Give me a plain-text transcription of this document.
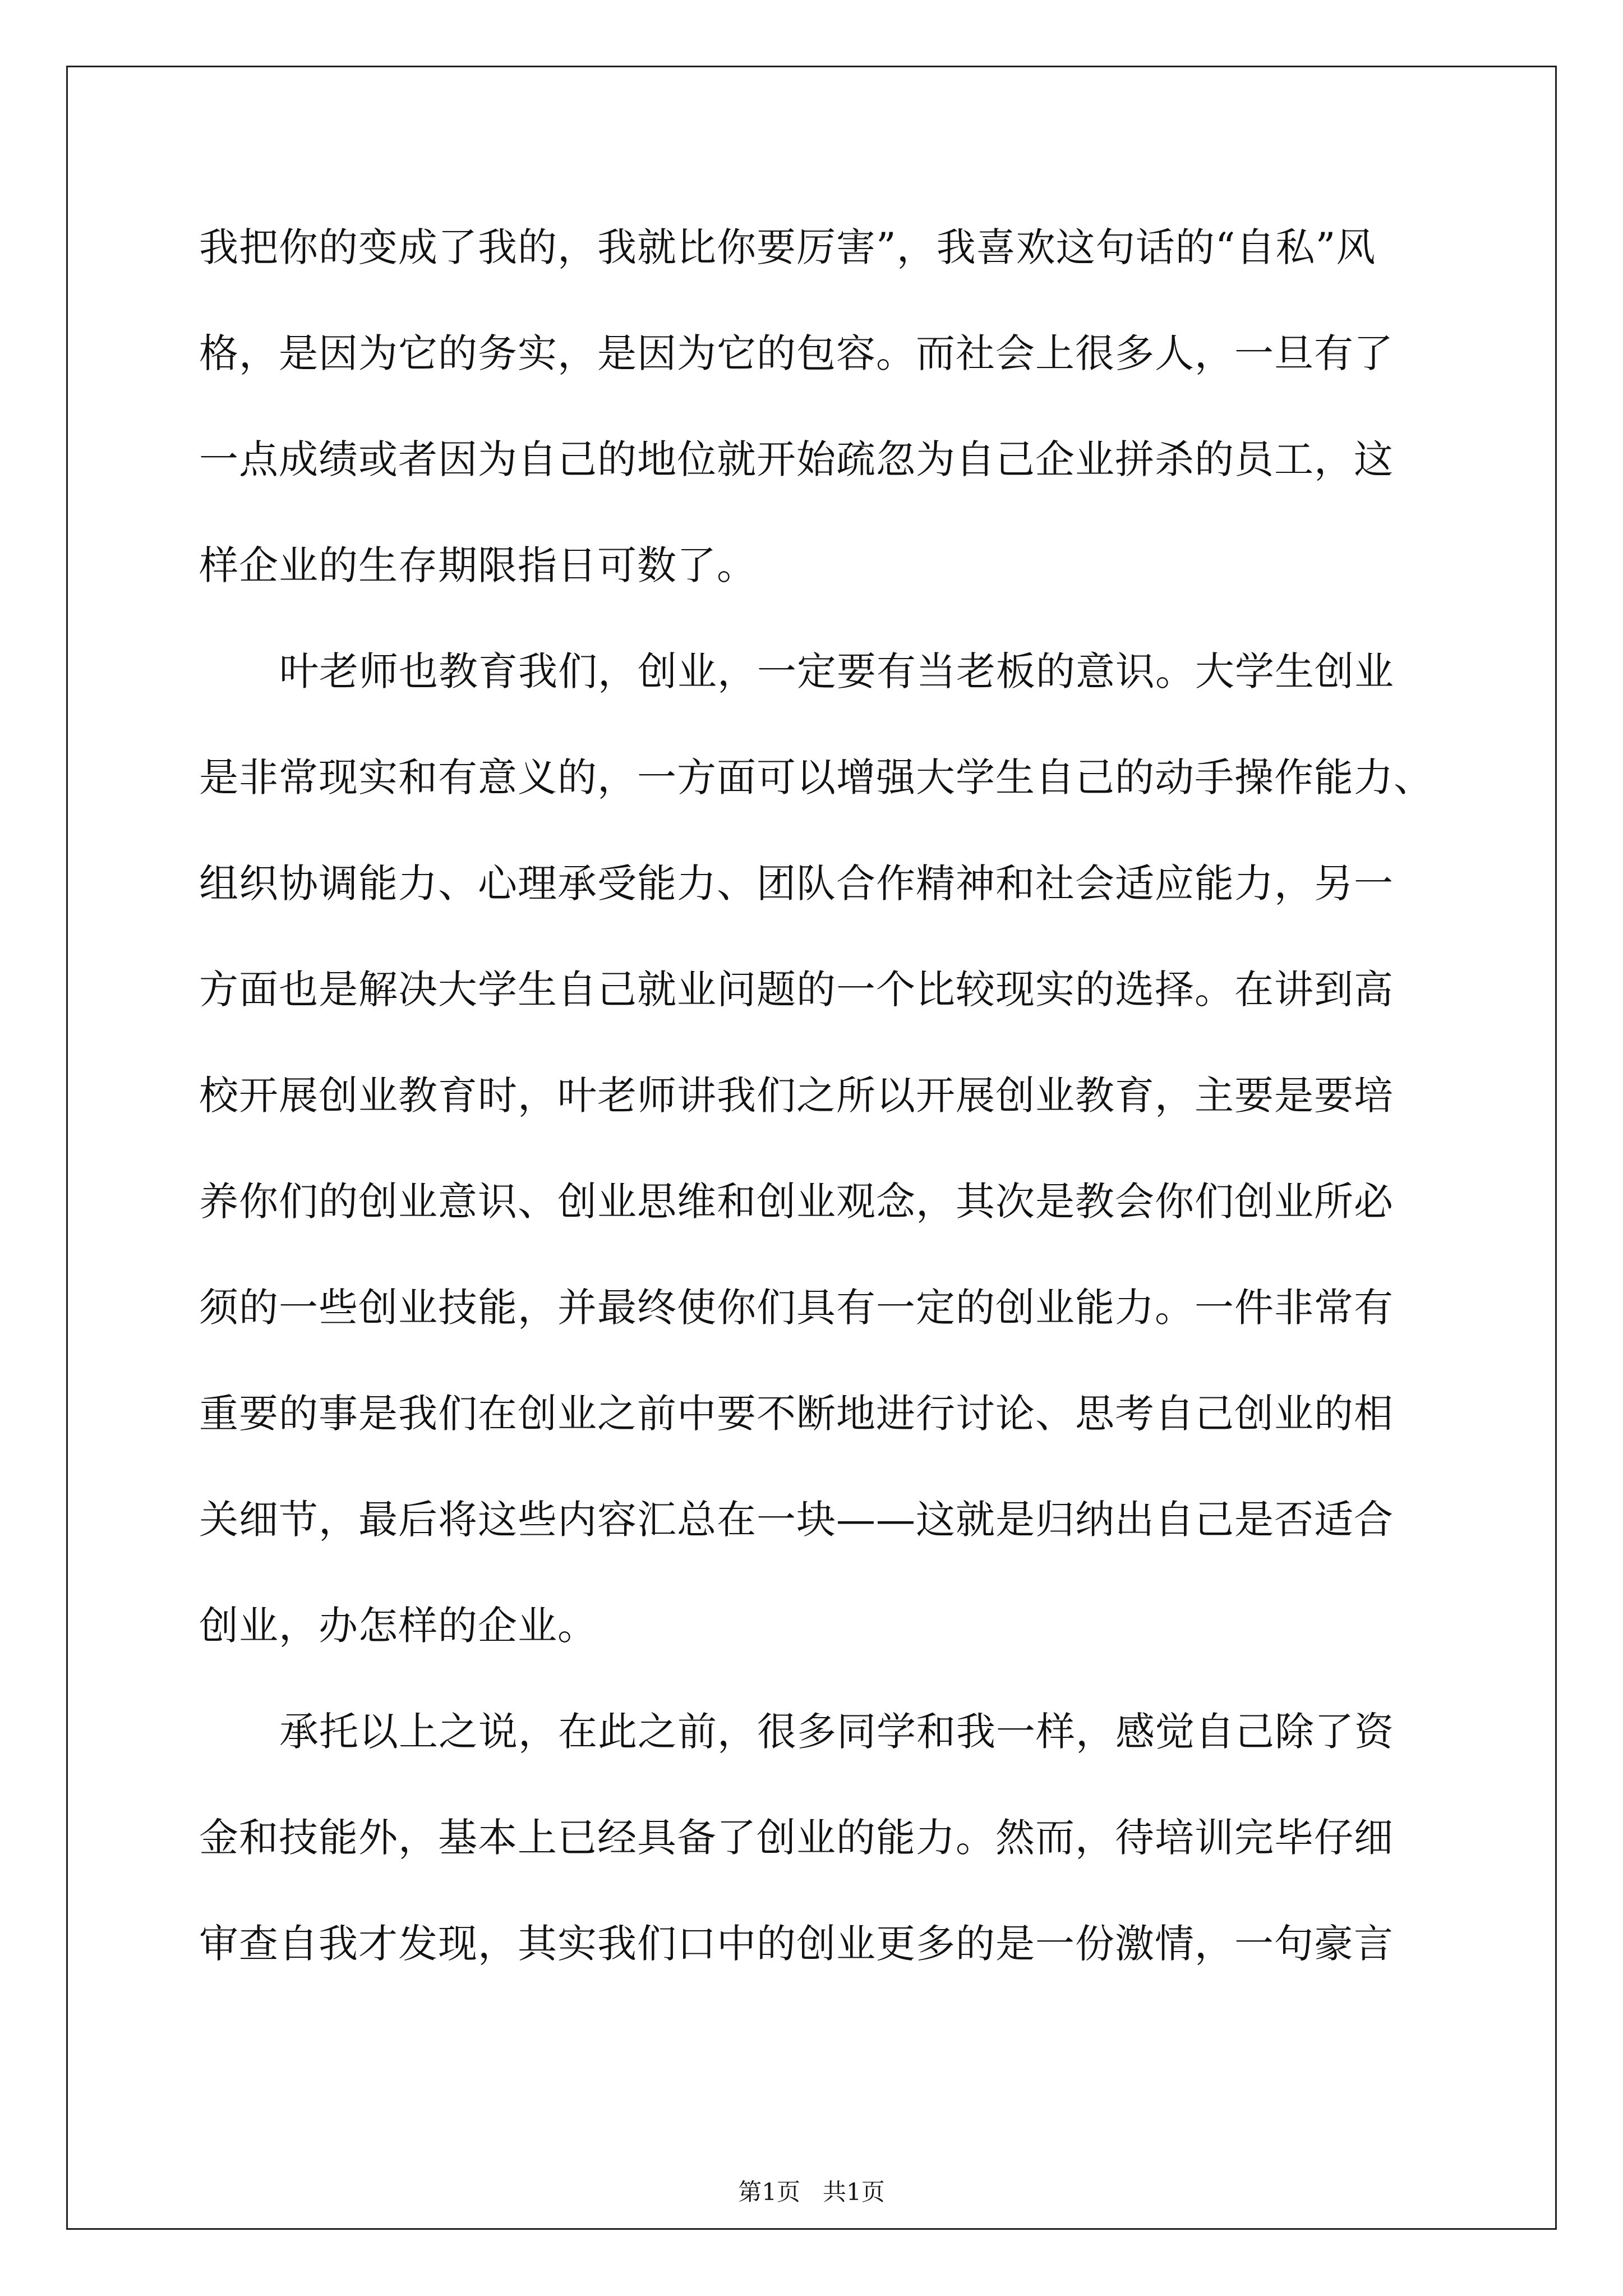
我把你的变成了我的，我就比你要厉害”，我喜欢这句话的“自私”风

格，是因为它的务实，是因为它的包容。而社会上很多人，一旦有了

一点成绩或者因为自己的地位就开始疏忽为自己企业拼杀的员工，这

样企业的生存期限指日可数了。

叶老师也教育我们，创业，一定要有当老板的意识。大学生创业

是非常现实和有意义的，一方面可以增强大学生自己的动手操作能力、

组织协调能力、心理承受能力、团队合作精神和社会适应能力，另一

方面也是解决大学生自己就业问题的一个比较现实的选择。在讲到高

校开展创业教育时，叶老师讲我们之所以开展创业教育，主要是要培

养你们的创业意识、创业思维和创业观念，其次是教会你们创业所必

须的一些创业技能，并最终使你们具有一定的创业能力。一件非常有

重要的事是我们在创业之前中要不断地进行讨论、思考自己创业的相

关细节，最后将这些内容汇总在一块——这就是归纳出自己是否适合

创业，办怎样的企业。

承托以上之说，在此之前，很多同学和我一样，感觉自己除了资

金和技能外，基本上已经具备了创业的能力。然而，待培训完毕仔细

审查自我才发现，其实我们口中的创业更多的是一份激情，一句豪言

第1页   共1页
